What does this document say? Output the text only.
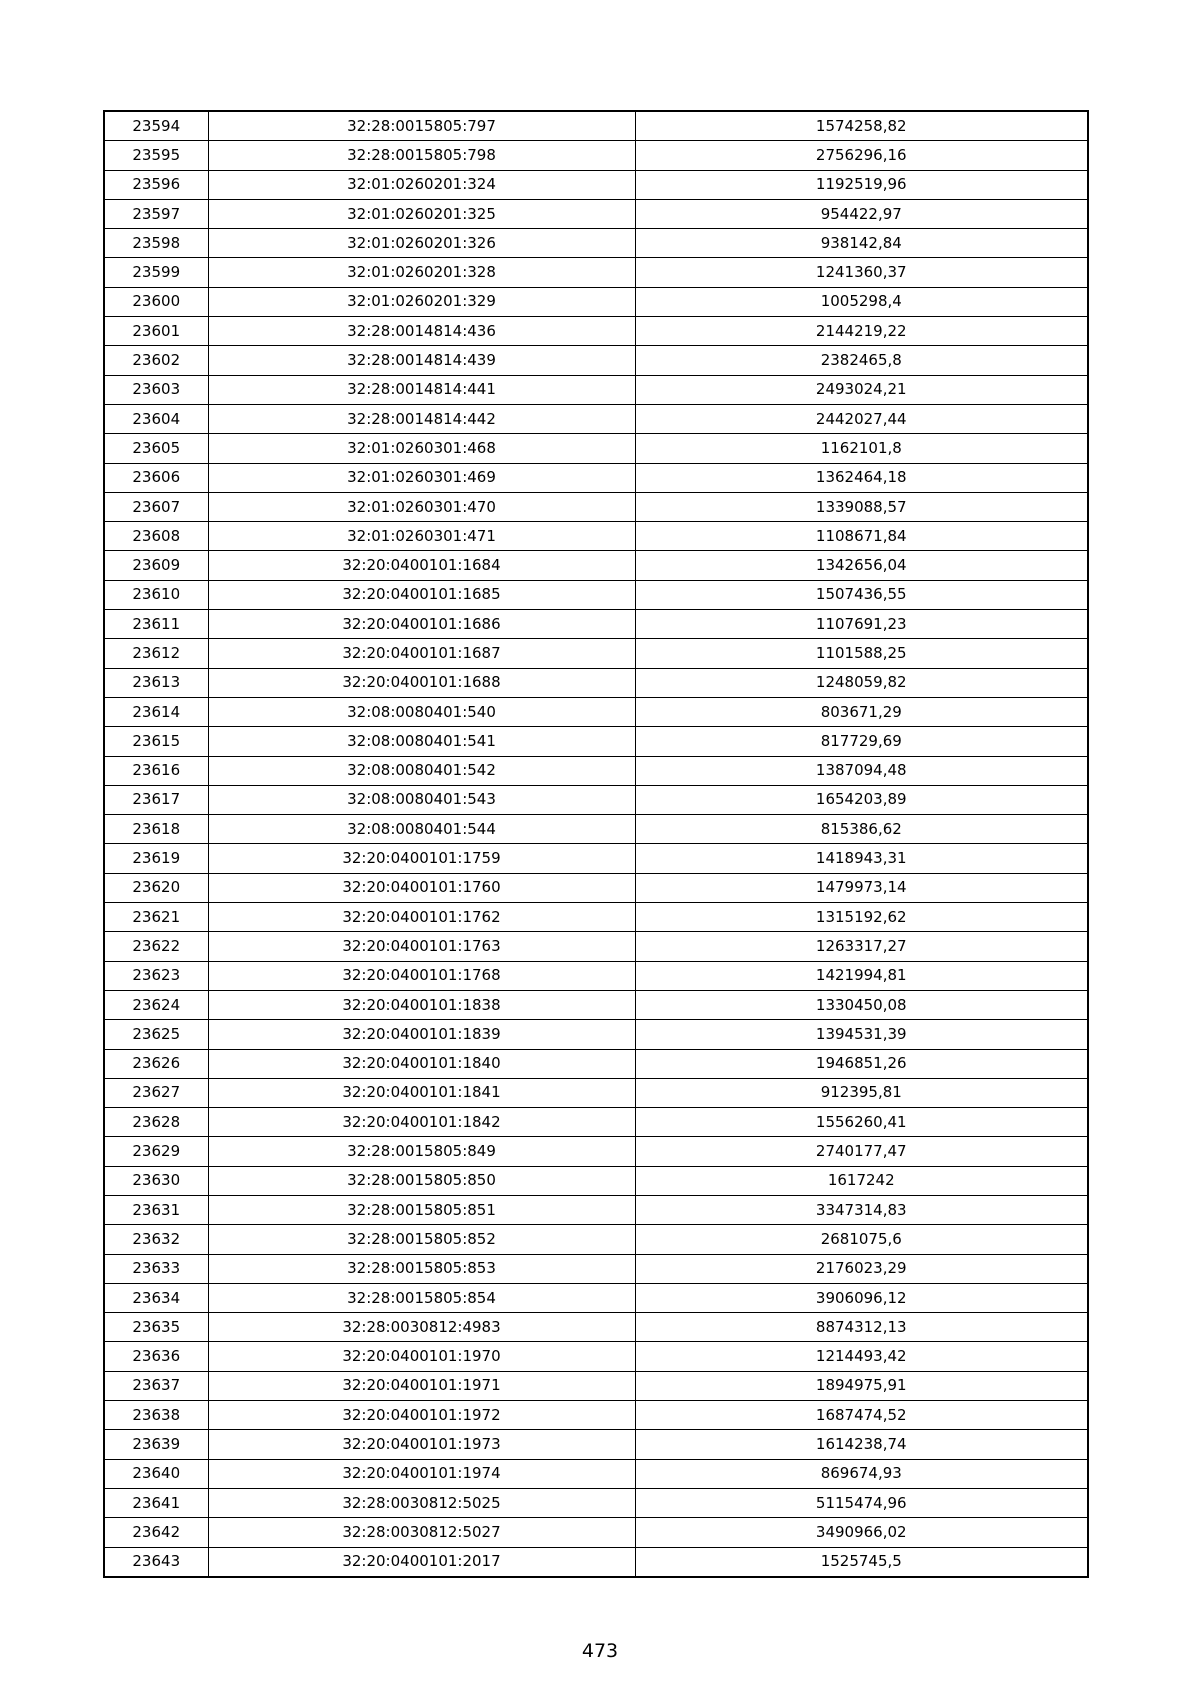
23594	32:28:0015805:797	1574258,82
23595	32:28:0015805:798	2756296,16
23596	32:01:0260201:324	1192519,96
23597	32:01:0260201:325	954422,97
23598	32:01:0260201:326	938142,84
23599	32:01:0260201:328	1241360,37
23600	32:01:0260201:329	1005298,4
23601	32:28:0014814:436	2144219,22
23602	32:28:0014814:439	2382465,8
23603	32:28:0014814:441	2493024,21
23604	32:28:0014814:442	2442027,44
23605	32:01:0260301:468	1162101,8
23606	32:01:0260301:469	1362464,18
23607	32:01:0260301:470	1339088,57
23608	32:01:0260301:471	1108671,84
23609	32:20:0400101:1684	1342656,04
23610	32:20:0400101:1685	1507436,55
23611	32:20:0400101:1686	1107691,23
23612	32:20:0400101:1687	1101588,25
23613	32:20:0400101:1688	1248059,82
23614	32:08:0080401:540	803671,29
23615	32:08:0080401:541	817729,69
23616	32:08:0080401:542	1387094,48
23617	32:08:0080401:543	1654203,89
23618	32:08:0080401:544	815386,62
23619	32:20:0400101:1759	1418943,31
23620	32:20:0400101:1760	1479973,14
23621	32:20:0400101:1762	1315192,62
23622	32:20:0400101:1763	1263317,27
23623	32:20:0400101:1768	1421994,81
23624	32:20:0400101:1838	1330450,08
23625	32:20:0400101:1839	1394531,39
23626	32:20:0400101:1840	1946851,26
23627	32:20:0400101:1841	912395,81
23628	32:20:0400101:1842	1556260,41
23629	32:28:0015805:849	2740177,47
23630	32:28:0015805:850	1617242
23631	32:28:0015805:851	3347314,83
23632	32:28:0015805:852	2681075,6
23633	32:28:0015805:853	2176023,29
23634	32:28:0015805:854	3906096,12
23635	32:28:0030812:4983	8874312,13
23636	32:20:0400101:1970	1214493,42
23637	32:20:0400101:1971	1894975,91
23638	32:20:0400101:1972	1687474,52
23639	32:20:0400101:1973	1614238,74
23640	32:20:0400101:1974	869674,93
23641	32:28:0030812:5025	5115474,96
23642	32:28:0030812:5027	3490966,02
23643	32:20:0400101:2017	1525745,5
473
